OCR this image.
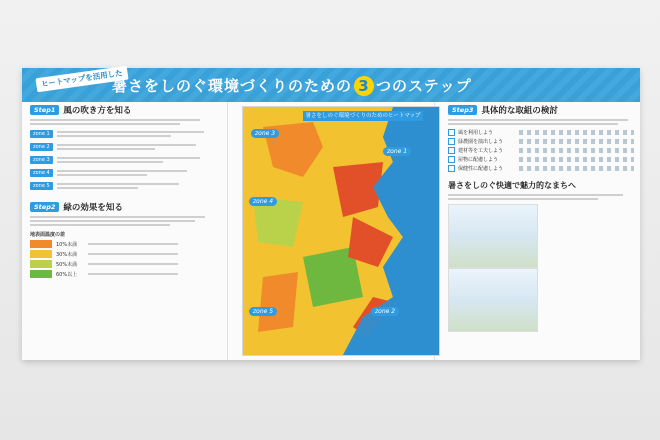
ヒートマップを活用した
暑さをしのぐ環境づくりのための 3 つのステップ
Step1 風の吹き方を知る
zone 1
zone 2
zone 3
zone 4
zone 5
Step2 緑の効果を知る
地表面温度の差
10%未満
30%未満
50%未満
60%以上
暑さをしのぐ環境づくりのためのヒートマップ
zone 3
zone 1
zone 4
zone 5	zone 2
Step3 具体的な取組の検討
風を利用しよう
緑農園を演出しよう
建材等を工夫しよう
屋物に配慮しよう
保健性に配慮しよう
暑さをしのぐ快適で魅力的なまちへ
